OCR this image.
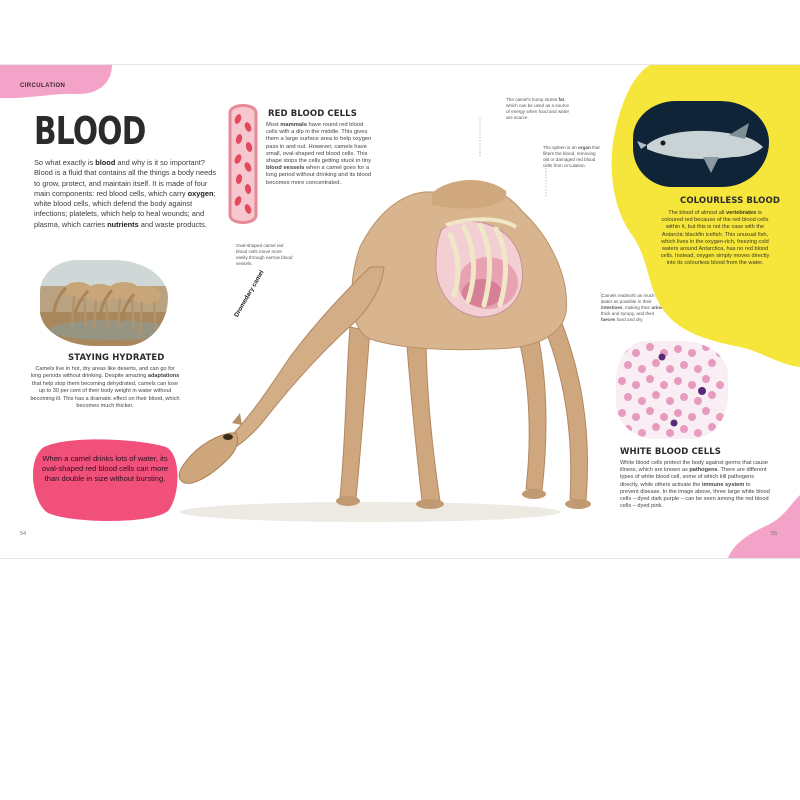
CIRCULATION
BLOOD
So what exactly is blood and why is it so important? Blood is a fluid that contains all the things a body needs to grow, protect, and maintain itself. It is made of four main components: red blood cells, which carry oxygen; white blood cells, which defend the body against infections; platelets, which help to heal wounds; and plasma, which carries nutrients and waste products.
STAYING HYDRATED
Camels live in hot, dry areas like deserts, and can go for long periods without drinking. Despite amazing adaptations that help stop them becoming dehydrated, camels can lose up to 30 per cent of their body weight in water without becoming ill. This has a dramatic effect on their blood, which becomes much thicker.
When a camel drinks lots of water, its oval-shaped red blood cells can more than double in size without bursting.
RED BLOOD CELLS
Most mammals have round red blood cells with a dip in the middle. This gives them a large surface area to help oxygen pass in and out. However, camels have small, oval-shaped red blood cells. This shape stops the cells getting stuck in tiny blood vessels when a camel goes for a long period without drinking and its blood becomes more concentrated.
Oval-shaped camel red blood cells move more easily through narrow blood vessels.
Dromedary camel
The camel's hump stores fat, which can be used as a source of energy when food and water are scarce.
The spleen is an organ that filters the blood, removing old or damaged red blood cells from circulation.
Camels reabsorb as much water as possible in their intestines, making their urine thick and syrupy, and their faeces hard and dry.
COLOURLESS BLOOD
The blood of almost all vertebrates is coloured red because of the red blood cells within it, but this is not the case with the Antarctic blackfin icefish. This unusual fish, which lives in the oxygen-rich, freezing cold waters around Antarctica, has no red blood cells. Instead, oxygen simply moves directly into its colourless blood from the water.
WHITE BLOOD CELLS
White blood cells protect the body against germs that cause illness, which are known as pathogens. There are different types of white blood cell, some of which kill pathogens directly, while others activate the immune system to prevent disease. In the image above, three large white blood cells – dyed dark purple – can be seen among the red blood cells – dyed pink.
54	55
